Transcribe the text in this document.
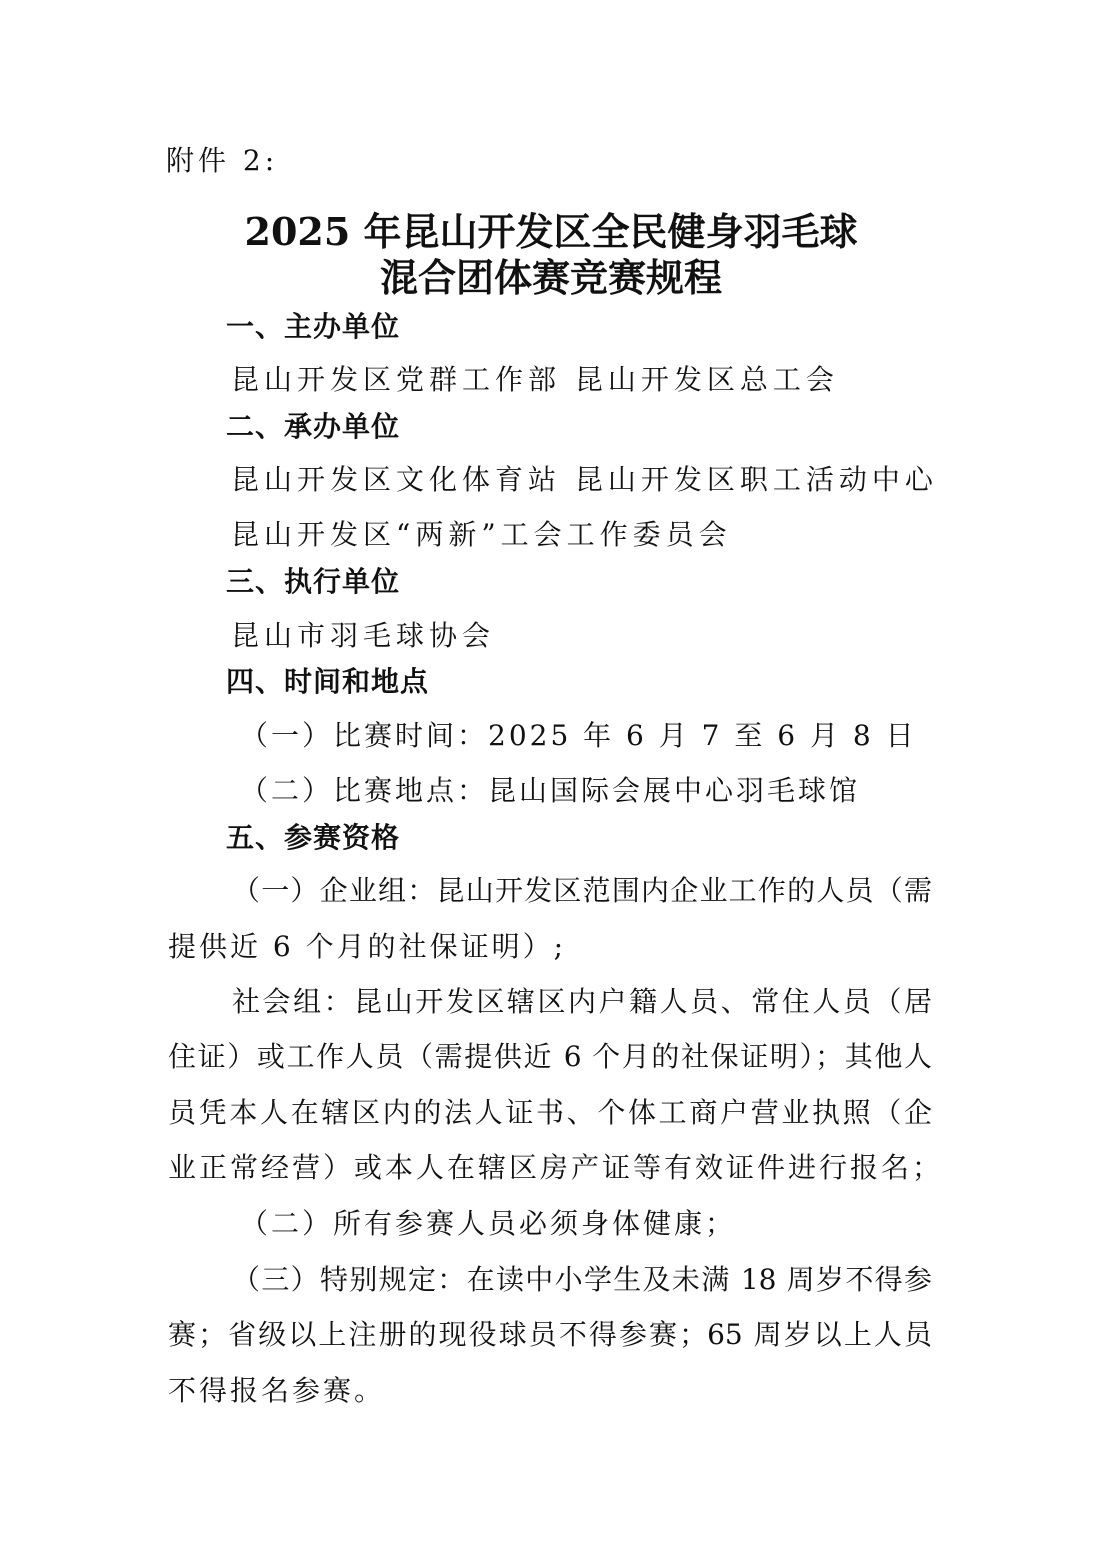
附件 2:
2025 年昆山开发区全民健身羽毛球
混合团体赛竞赛规程
一、主办单位
昆山开发区党群工作部 昆山开发区总工会
二、承办单位
昆山开发区文化体育站 昆山开发区职工活动中心
昆山开发区“两新”工会工作委员会
三、执行单位
昆山市羽毛球协会
四、时间和地点
（一）比赛时间：2025 年 6 月 7 至 6 月 8 日
（二）比赛地点：昆山国际会展中心羽毛球馆
五、参赛资格
（一）企业组：昆山开发区范围内企业工作的人员（需
提供近 6 个月的社保证明）;
社会组：昆山开发区辖区内户籍人员、常住人员（居
住证）或工作人员（需提供近 6 个月的社保证明）；其他人
员凭本人在辖区内的法人证书、个体工商户营业执照（企
业正常经营）或本人在辖区房产证等有效证件进行报名；
（二）所有参赛人员必须身体健康；
（三）特别规定：在读中小学生及未满 18 周岁不得参
赛；省级以上注册的现役球员不得参赛；65 周岁以上人员
不得报名参赛。
